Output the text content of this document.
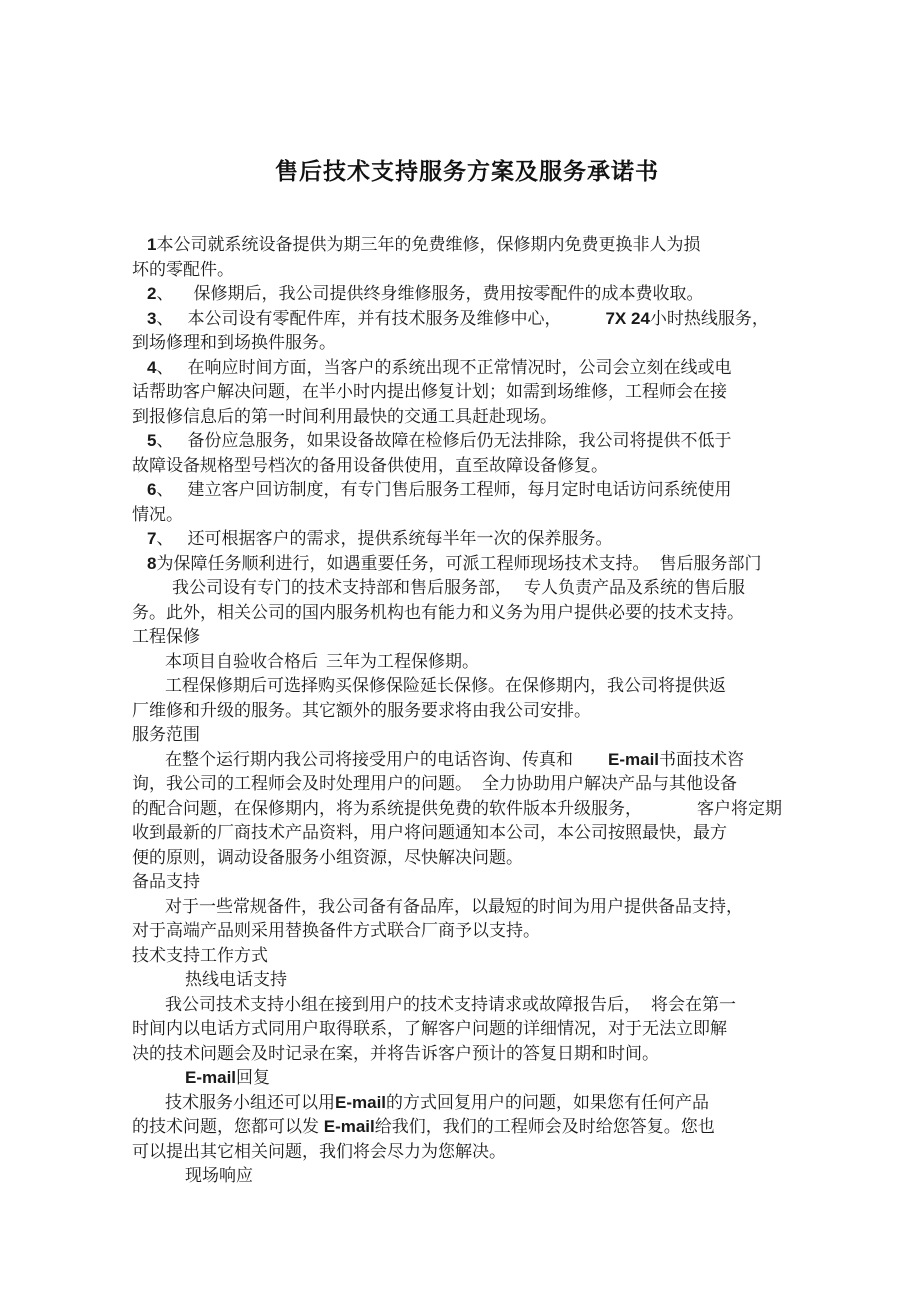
售后技术支持服务方案及服务承诺书
1本公司就系统设备提供为期三年的免费维修，保修期内免费更换非人为损
坏的零配件。
2、 保修期后，我公司提供终身维修服务，费用按零配件的成本费收取。
3、 本公司设有零配件库，并有技术服务及维修中心，	7X 24小时热线服务，
到场修理和到场换件服务。
4、 在响应时间方面，当客户的系统出现不正常情况时，公司会立刻在线或电
话帮助客户解决问题，在半小时内提出修复计划；如需到场维修，工程师会在接
到报修信息后的第一时间利用最快的交通工具赶赴现场。
5、 备份应急服务，如果设备故障在检修后仍无法排除，我公司将提供不低于
故障设备规格型号档次的备用设备供使用，直至故障设备修复。
6、 建立客户回访制度，有专门售后服务工程师，每月定时电话访问系统使用
情况。
7、 还可根据客户的需求，提供系统每半年一次的保养服务。
8为保障任务顺利进行，如遇重要任务，可派工程师现场技术支持。 售后服务部门
我公司设有专门的技术支持部和售后服务部， 专人负责产品及系统的售后服
务。此外，相关公司的国内服务机构也有能力和义务为用户提供必要的技术支持。
工程保修
本项目自验收合格后 三年为工程保修期。
工程保修期后可选择购买保修保险延长保修。在保修期内，我公司将提供返
厂维修和升级的服务。其它额外的服务要求将由我公司安排。
服务范围
在整个运行期内我公司将接受用户的电话咨询、传真和 E-mail书面技术咨
询，我公司的工程师会及时处理用户的问题。 全力协助用户解决产品与其他设备
的配合问题，在保修期内，将为系统提供免费的软件版本升级服务，	客户将定期
收到最新的厂商技术产品资料，用户将问题通知本公司，本公司按照最快，最方
便的原则，调动设备服务小组资源，尽快解决问题。
备品支持
对于一些常规备件，我公司备有备品库，以最短的时间为用户提供备品支持，
对于高端产品则采用替换备件方式联合厂商予以支持。
技术支持工作方式
热线电话支持
我公司技术支持小组在接到用户的技术支持请求或故障报告后， 将会在第一
时间内以电话方式同用户取得联系，了解客户问题的详细情况，对于无法立即解
决的技术问题会及时记录在案，并将告诉客户预计的答复日期和时间。
E-mail回复
技术服务小组还可以用E-mail的方式回复用户的问题，如果您有任何产品
的技术问题，您都可以发 E-mail给我们，我们的工程师会及时给您答复。您也
可以提出其它相关问题，我们将会尽力为您解决。
现场响应
